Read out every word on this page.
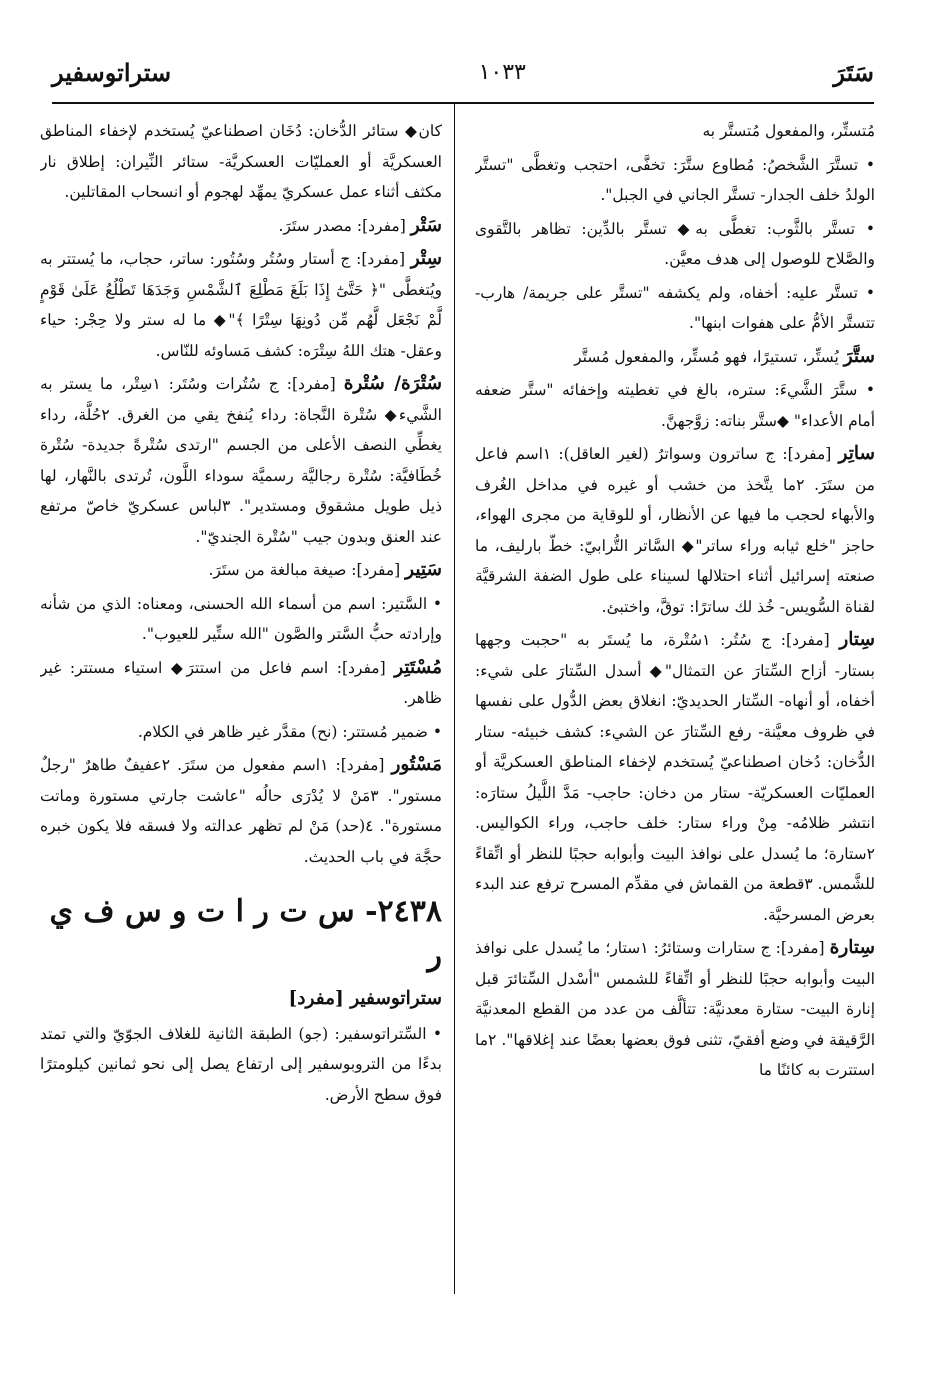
سَتَرَ
١٠٣٣
ستراتوسفير

مُتستِّر، والمفعول مُتستَّر به

• تستَّرَ الشَّخصُ: مُطاوع ستَّرَ: تخفَّى، احتجب وتغطَّى "تستَّر الولدُ خلف الجدار- تستَّر الجاني في الجبل".

• تستَّر بالثَّوب: تغطَّى به◆ تستَّر بالدِّين: تظاهر بالتَّقوى والصَّلاح للوصول إلى هدف معيَّن.

• تستَّر عليه: أخفاه، ولم يكشفه "تستَّر على جريمة/ هارب- تتستَّر الأمُّ على هفوات ابنها".

ستَّرَ يُستِّر، تستيرًا، فهو مُستِّر، والمفعول مُستَّر

• ستَّرَ الشَّيءَ: ستره، بالغ في تغطيته وإخفائه "ستَّر ضعفه أمام الأعداء" ◆ستَّر بناته: زوَّجهنَّ.

ساتِر [مفرد]: ج ساترون وسواترُ (لغير العاقل): ١اسم فاعل من ستَرَ. ٢ما يتَّخذ من خشب أو غيره في مداخل الغُرف والأبهاء لحجب ما فيها عن الأنظار، أو للوقاية من مجرى الهواء، حاجز "خلع ثيابه وراء ساتر"◆ السَّاتر التُّرابيّ: خطّ بارليف، ما صنعته إسرائيل أثناء احتلالها لسيناء على طول الضفة الشرقيَّة لقناة السُّويس- خُذ لك ساترًا: توقَّ، واختبئ.

سِتار [مفرد]: ج سُتُر: ١سُتْرة، ما يُستَر به "حجبت وجهها بستار- أزاح السِّتارَ عن التمثال"◆ أسدل السِّتارَ على شيء: أخفاه، أو أنهاه- السِّتار الحديديّ: انغلاق بعض الدُّول على نفسها في ظروف معيَّنة- رفع السِّتارَ عن الشيء: كشف خبيئه- ستار الدُّخان: دُخان اصطناعيّ يُستخدم لإخفاء المناطق العسكريَّة أو العمليّات العسكريّة- ستار من دخان: حاجب- مَدَّ اللَّيلُ ستارَه: انتشر ظلامُه- مِنْ وراء ستار: خلف حاجب، وراء الكواليس. ٢ستارة؛ ما يُسدل على نوافذ البيت وأبوابه حجبًا للنظر أو اتِّقاءً للشَّمس. ٣قطعة من القماش في مقدِّم المسرح ترفع عند البدء بعرض المسرحيَّة.

سِتارة [مفرد]: ج ستارات وستائرُ: ١ستار؛ ما يُسدل على نوافذ البيت وأبوابه حجبًا للنظر أو اتِّقاءً للشمس "أسْدل السِّتائرَ قبل إنارة البيت- ستارة معدنيَّة: تتألَّف من عدد من القطع المعدنيَّة الرَّقيقة في وضع أفقيّ، تثنى فوق بعضها بعضًا عند إغلاقها". ٢ما استترت به كائنًا ما

كان◆ ستائر الدُّخان: دُخَان اصطناعيّ يُستخدم لإخفاء المناطق العسكريَّة أو العمليّات العسكريَّة- ستائر النِّيران: إطلاق نار مكثف أثناء عمل عسكريّ يمهِّد لهجوم أو انسحاب المقاتلين.

سَتْر [مفرد]: مصدر ستَرَ.

سِتْر [مفرد]: ج أستار وسُتُر وسُتُور: ساتر، حجاب، ما يُستتر به ويُتغطَّى "﴿ حَتَّىٰٓ إِذَا بَلَغَ مَطْلِعَ ٱلشَّمْسِ وَجَدَهَا تَطْلُعُ عَلَىٰ قَوْمٍ لَّمْ نَجْعَل لَّهُم مِّن دُونِهَا سِتْرًا ﴾"◆ ما له ستر ولا حِجْر: حياء وعقل- هتك اللهُ سِتْرَه: كشف مَساوئه للنّاس.

سُتْرَة/ سُتْرة [مفرد]: ج سُتُرات وسُتَر: ١سِتْر، ما يستر به الشَّيء◆ سُتْرة النَّجاة: رداء يُنفخ يقي من الغرق. ٢حُلَّة، رداء يغطِّي النصف الأعلى من الجسم "ارتدى سُتْرةً جديدة- سُتْرة خُطَافيَّة: سُتْرة رجاليَّة رسميَّة سوداء اللَّون، تُرتدى بالنَّهار، لها ذيل طويل مشقوق ومستدير". ٣لباس عسكريّ خاصّ مرتفع عند العنق وبدون جيب "سُتْرة الجنديّ".

سَتِير [مفرد]: صيغة مبالغة من ستَرَ.

• السَّتير: اسم من أسماء الله الحسنى، ومعناه: الذي من شأنه وإرادته حبُّ السَّتر والصَّون "الله ستِّير للعيوب".

مُسْتَتِر [مفرد]: اسم فاعل من استترَ◆ استياء مستتر: غير ظاهر.

• ضمير مُستتر: (نح) مقدَّر غير ظاهر في الكلام.

مَسْتُور [مفرد]: ١اسم مفعول من ستَرَ. ٢عفيفٌ طاهرٌ "رجلٌ مستور". ٣مَنْ لا يُدْرَى حالُه "عاشت جارتي مستورة وماتت مستورة". ٤(حد) مَنْ لم تظهر عدالته ولا فسقه فلا يكون خبره حجَّة في باب الحديث.

٢٤٣٨- س ت ر ا ت و س ف ي ر
ستراتوسفير [مفرد]

• السِّتراتوسفير: (جو) الطبقة الثانية للغلاف الجوّيّ والتي تمتد بدءًا من التروبوسفير إلى ارتفاع يصل إلى نحو ثمانين كيلومترًا فوق سطح الأرض.
